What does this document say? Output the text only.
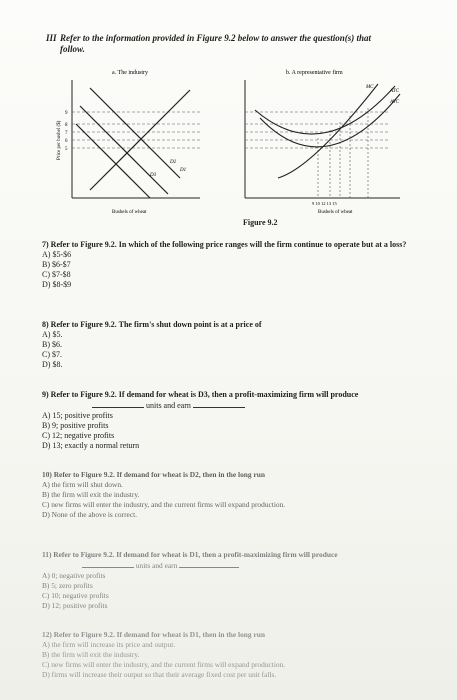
III Refer to the information provided in Figure 9.2 below to answer the question(s) that follow.
a. The industry
Price per bushel ($)
9
8
7
6
5
D1
D2
D3
Bushels of wheat
b. A representative firm
MC
ATC
AVC
9 10 12 13 15
Bushels of wheat
Figure 9.2
7) Refer to Figure 9.2. In which of the following price ranges will the firm continue to operate but at a loss?
A) $5-$6
B) $6-$7
C) $7-$8
D) $8-$9
8) Refer to Figure 9.2. The firm's shut down point is at a price of
A) $5.
B) $6.
C) $7.
D) $8.
9) Refer to Figure 9.2. If demand for wheat is D3, then a profit-maximizing firm will produce
units and earn
A) 15; positive profits
B) 9; positive profits
C) 12; negative profits
D) 13; exactly a normal return
10) Refer to Figure 9.2. If demand for wheat is D2, then in the long run
A) the firm will shut down.
B) the firm will exit the industry.
C) new firms will enter the industry, and the current firms will expand production.
D) None of the above is correct.
11) Refer to Figure 9.2. If demand for wheat is D1, then a profit-maximizing firm will produce
units and earn
A) 0; negative profits
B) 5; zero profits
C) 10; negative profits
D) 12; positive profits
12) Refer to Figure 9.2. If demand for wheat is D1, then in the long run
A) the firm will increase its price and output.
B) the firm will exit the industry.
C) new firms will enter the industry, and the current firms will expand production.
D) firms will increase their output so that their average fixed cost per unit falls.
